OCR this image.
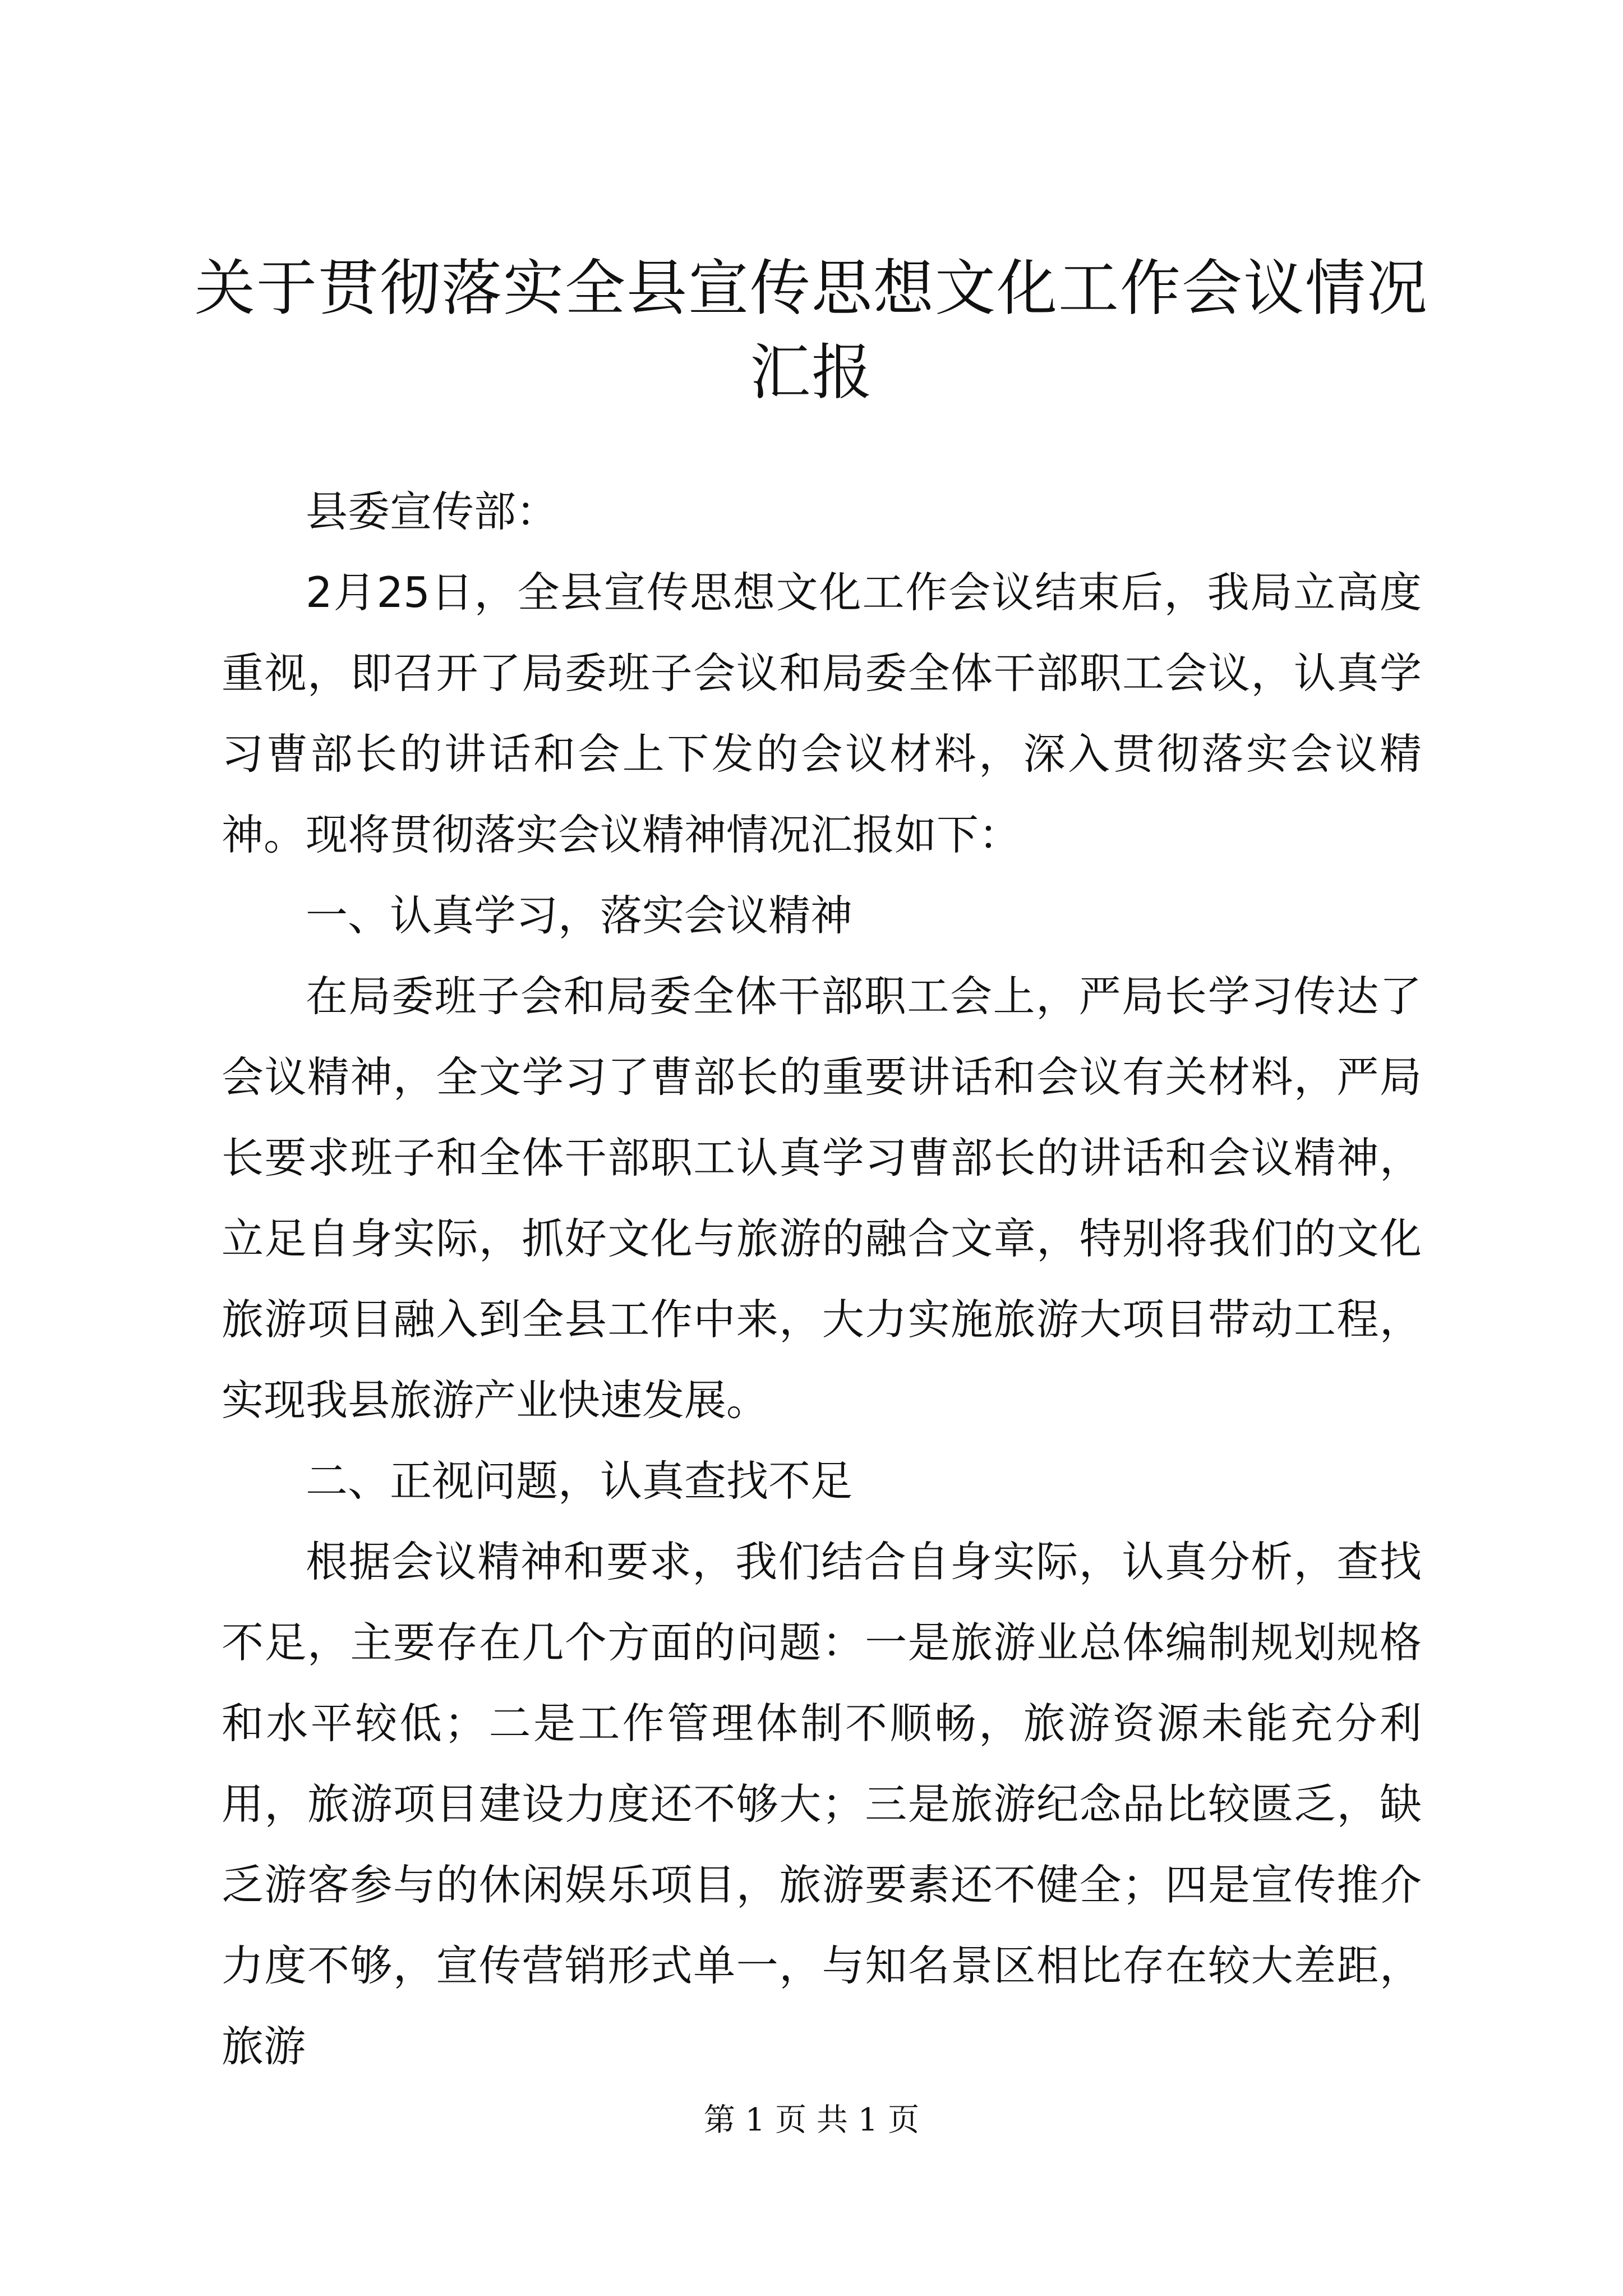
关于贯彻落实全县宣传思想文化工作会议情况
汇报

县委宣传部：

2月25日，全县宣传思想文化工作会议结束后，我局立高度重视，即召开了局委班子会议和局委全体干部职工会议，认真学习曹部长的讲话和会上下发的会议材料，深入贯彻落实会议精神。现将贯彻落实会议精神情况汇报如下：

一、认真学习，落实会议精神

在局委班子会和局委全体干部职工会上，严局长学习传达了会议精神，全文学习了曹部长的重要讲话和会议有关材料，严局长要求班子和全体干部职工认真学习曹部长的讲话和会议精神，立足自身实际，抓好文化与旅游的融合文章，特别将我们的文化旅游项目融入到全县工作中来，大力实施旅游大项目带动工程，实现我县旅游产业快速发展。

二、正视问题，认真查找不足

根据会议精神和要求，我们结合自身实际，认真分析，查找不足，主要存在几个方面的问题：一是旅游业总体编制规划规格和水平较低；二是工作管理体制不顺畅，旅游资源未能充分利用，旅游项目建设力度还不够大；三是旅游纪念品比较匮乏，缺乏游客参与的休闲娱乐项目，旅游要素还不健全；四是宣传推介力度不够，宣传营销形式单一，与知名景区相比存在较大差距，旅游

第 1 页 共 1 页
